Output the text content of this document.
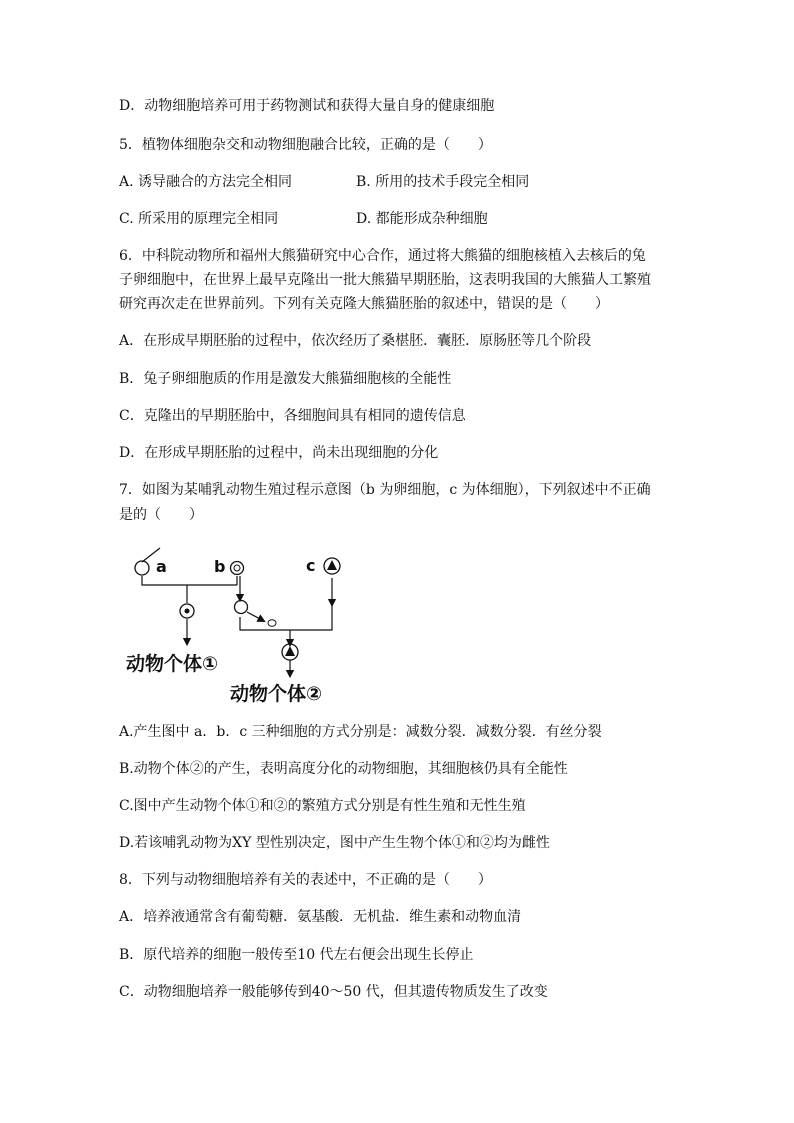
D．动物细胞培养可用于药物测试和获得大量自身的健康细胞
5．植物体细胞杂交和动物细胞融合比较，正确的是（　　）
A. 诱导融合的方法完全相同	B. 所用的技术手段完全相同
C. 所采用的原理完全相同	D. 都能形成杂种细胞
6．中科院动物所和福州大熊猫研究中心合作，通过将大熊猫的细胞核植入去核后的兔
子卵细胞中，在世界上最早克隆出一批大熊猫早期胚胎，这表明我国的大熊猫人工繁殖
研究再次走在世界前列。下列有关克隆大熊猫胚胎的叙述中，错误的是（　　）
A．在形成早期胚胎的过程中，依次经历了桑椹胚．囊胚．原肠胚等几个阶段
B．兔子卵细胞质的作用是激发大熊猫细胞核的全能性
C．克隆出的早期胚胎中，各细胞间具有相同的遗传信息
D．在形成早期胚胎的过程中，尚未出现细胞的分化
7．如图为某哺乳动物生殖过程示意图（b 为卵细胞，c 为体细胞），下列叙述中不正确
是的（　　）
a	b	c
动物个体①
动物个体②
A.产生图中 a．b．c 三种细胞的方式分别是：减数分裂．减数分裂．有丝分裂
B.动物个体②的产生，表明高度分化的动物细胞，其细胞核仍具有全能性
C.图中产生动物个体①和②的繁殖方式分别是有性生殖和无性生殖
D.若该哺乳动物为XY 型性别决定，图中产生生物个体①和②均为雌性
8．下列与动物细胞培养有关的表述中，不正确的是（　　）
A．培养液通常含有葡萄糖．氨基酸．无机盐．维生素和动物血清
B．原代培养的细胞一般传至10 代左右便会出现生长停止
C．动物细胞培养一般能够传到40～50 代，但其遗传物质发生了改变
